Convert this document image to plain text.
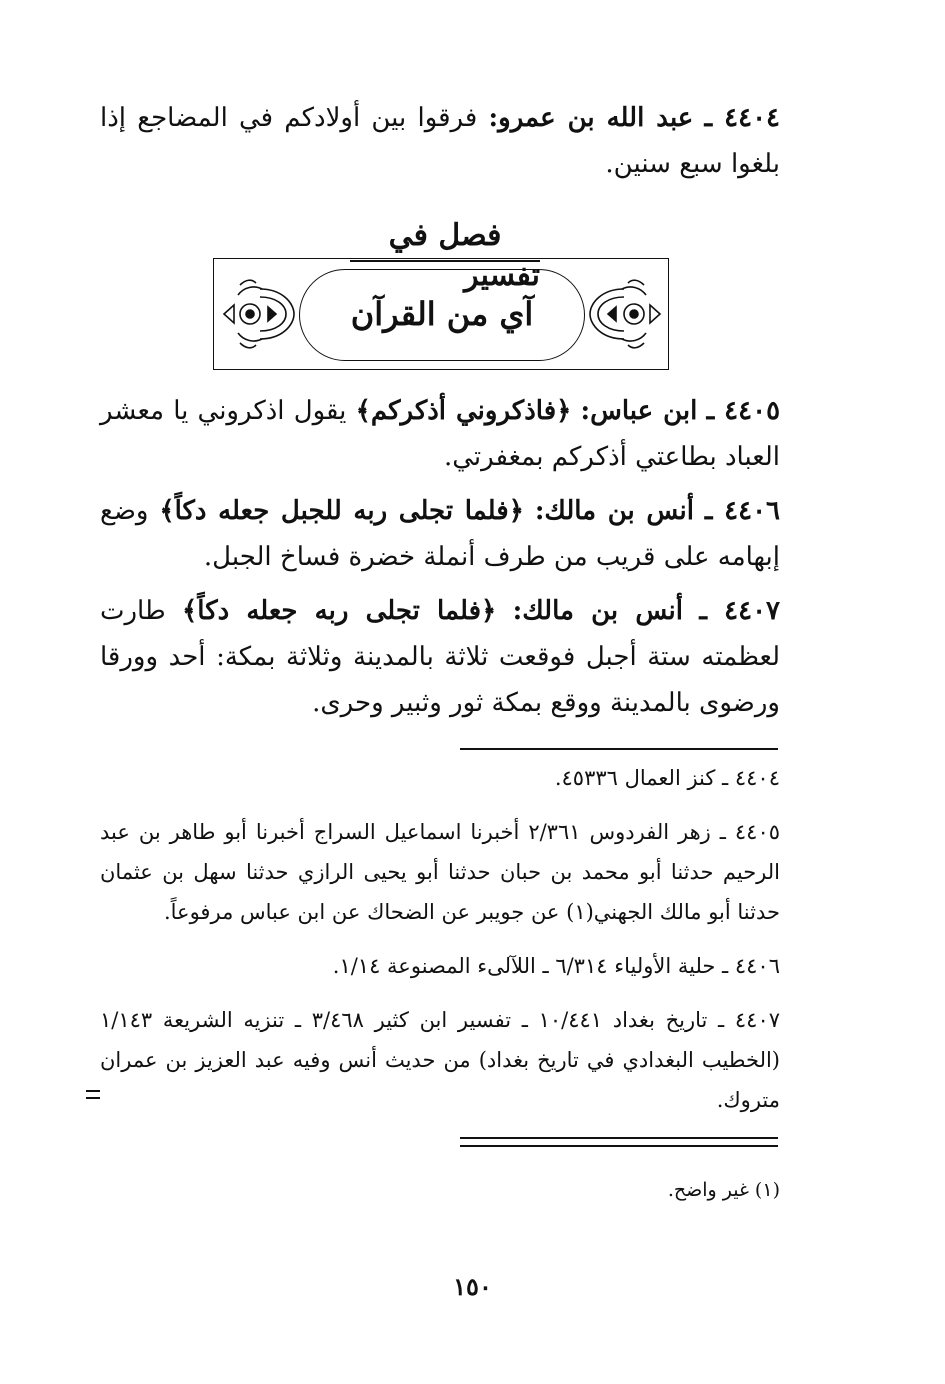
٤٤٠٤ ـ عبد الله بن عمرو: فرقوا بين أولادكم في المضاجع إذا بلغوا سبع سنين.

فصل في تفسير
آي من القرآن

٤٤٠٥ ـ ابن عباس: ﴿فاذكروني أذكركم﴾ يقول اذكروني يا معشر العباد بطاعتي أذكركم بمغفرتي.

٤٤٠٦ ـ أنس بن مالك: ﴿فلما تجلى ربه للجبل جعله دكاً﴾ وضع إبهامه على قريب من طرف أنملة خضرة فساخ الجبل.

٤٤٠٧ ـ أنس بن مالك: ﴿فلما تجلى ربه جعله دكاً﴾ طارت لعظمته ستة أجبل فوقعت ثلاثة بالمدينة وثلاثة بمكة: أحد وورقا ورضوى بالمدينة ووقع بمكة ثور وثبير وحرى.

٤٤٠٤ ـ كنز العمال ٤٥٣٣٦.

٤٤٠٥ ـ زهر الفردوس ٢/٣٦١ أخبرنا اسماعيل السراج أخبرنا أبو طاهر بن عبد الرحيم حدثنا أبو محمد بن حبان حدثنا أبو يحيى الرازي حدثنا سهل بن عثمان حدثنا أبو مالك الجهني(١) عن جويبر عن الضحاك عن ابن عباس مرفوعاً.

٤٤٠٦ ـ حلية الأولياء ٦/٣١٤ ـ اللآلىء المصنوعة ١/١٤.

٤٤٠٧ ـ تاريخ بغداد ١٠/٤٤١ ـ تفسير ابن كثير ٣/٤٦٨ ـ تنزيه الشريعة ١/١٤٣ (الخطيب البغدادي في تاريخ بغداد) من حديث أنس وفيه عبد العزيز بن عمران متروك.

(١) غير واضح.

١٥٠
